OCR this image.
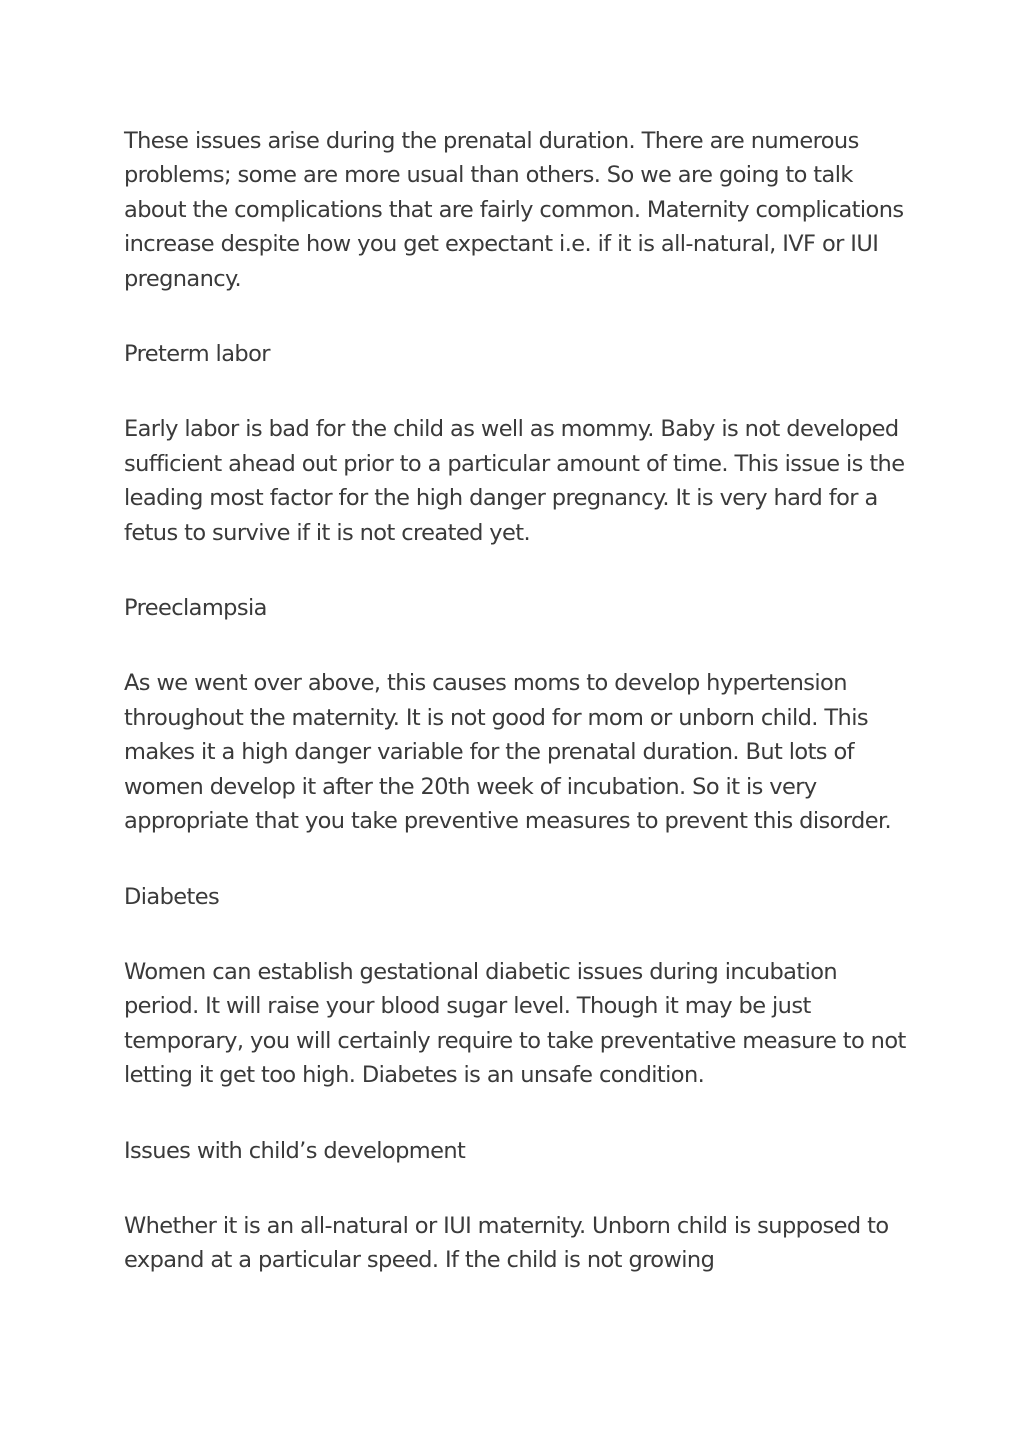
These issues arise during the prenatal duration. There are numerous problems; some are more usual than others. So we are going to talk about the complications that are fairly common. Maternity complications increase despite how you get expectant i.e. if it is all-natural, IVF or IUI pregnancy.

Preterm labor

Early labor is bad for the child as well as mommy. Baby is not developed sufficient ahead out prior to a particular amount of time. This issue is the leading most factor for the high danger pregnancy. It is very hard for a fetus to survive if it is not created yet.

Preeclampsia

As we went over above, this causes moms to develop hypertension throughout the maternity. It is not good for mom or unborn child. This makes it a high danger variable for the prenatal duration. But lots of women develop it after the 20th week of incubation. So it is very appropriate that you take preventive measures to prevent this disorder.

Diabetes

Women can establish gestational diabetic issues during incubation period. It will raise your blood sugar level. Though it may be just temporary, you will certainly require to take preventative measure to not letting it get too high. Diabetes is an unsafe condition.

Issues with child’s development

Whether it is an all-natural or IUI maternity. Unborn child is supposed to expand at a particular speed. If the child is not growing
